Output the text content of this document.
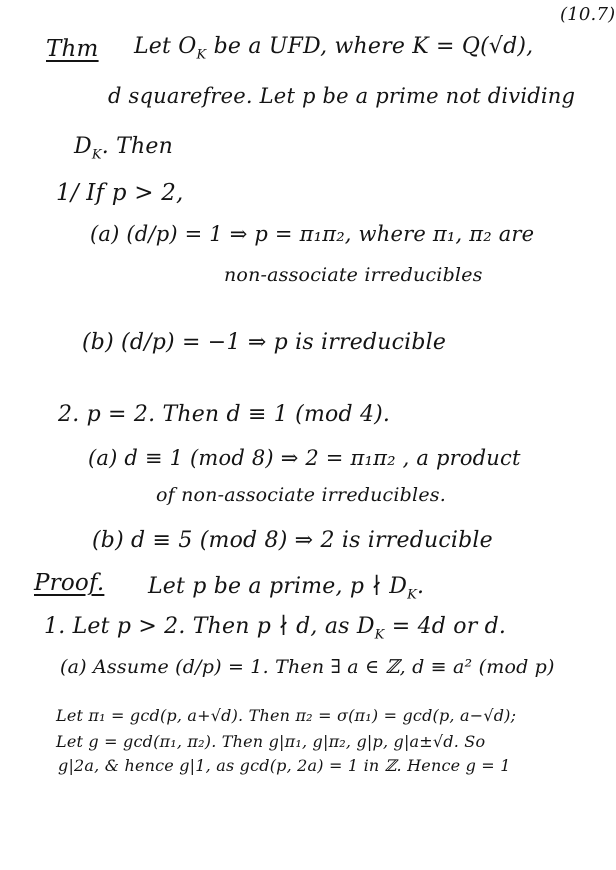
(10.7)
Thm Let $O_K$ be a UFD, where K = Q(√d),
d squarefree. Let p be a prime not dividing
$D_K$. Then
1/ If p > 2,
(a) (d/p) = 1 ⇒ p = π₁π₂, where π₁, π₂ are
non-associate irreducibles
(b) (d/p) = −1 ⇒ p is irreducible
2. p = 2. Then d ≡ 1 (mod 4).
(a) d ≡ 1 (mod 8) ⇒ 2 = π₁π₂ , a product
of non-associate irreducibles.
(b) d ≡ 5 (mod 8) ⇒ 2 is irreducible
Proof. Let p be a prime, p ∤ $D_K$.
1. Let p > 2. Then p ∤ d, as $D_K = 4d$ or d.
(a) Assume (d/p) = 1. Then ∃ a ∈ ℤ, d ≡ a² (mod p)
Let π₁ = gcd(p, a+√d). Then π₂ = σ(π₁) = gcd(p, a−√d);
Let g = gcd(π₁, π₂). Then g|π₁, g|π₂, g|p, g|a±√d. So
g|2a, & hence g|1, as gcd(p, 2a) = 1 in ℤ. Hence g = 1
